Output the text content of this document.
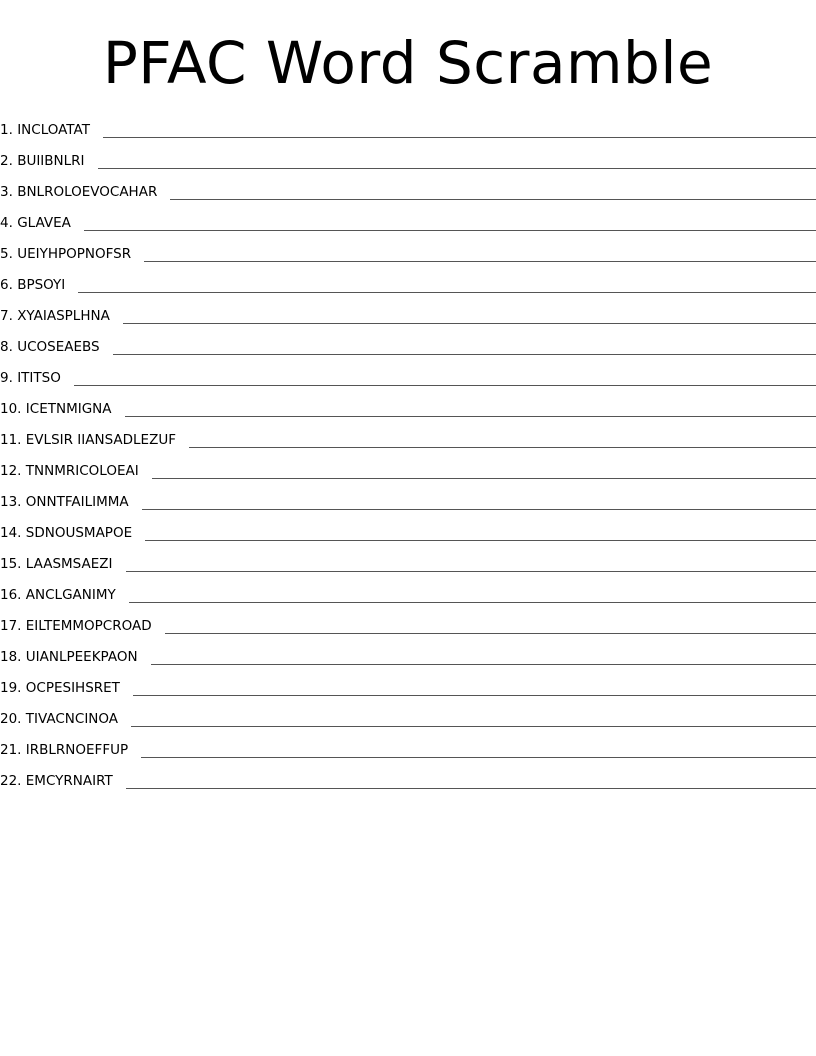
PFAC Word Scramble
1. INCLOATAT
2. BUIIBNLRI
3. BNLROLOEVOCAHAR
4. GLAVEA
5. UEIYHPOPNOFSR
6. BPSOYI
7. XYAIASPLHNA
8. UCOSEAEBS
9. ITITSO
10. ICETNMIGNA
11. EVLSIR IIANSADLEZUF
12. TNNMRICOLOEAI
13. ONNTFAILIMMA
14. SDNOUSMAPOE
15. LAASMSAEZI
16. ANCLGANIMY
17. EILTEMMOPCROAD
18. UIANLPEEKPAON
19. OCPESIHSRET
20. TIVACNCINOA
21. IRBLRNOEFFUP
22. EMCYRNAIRT
